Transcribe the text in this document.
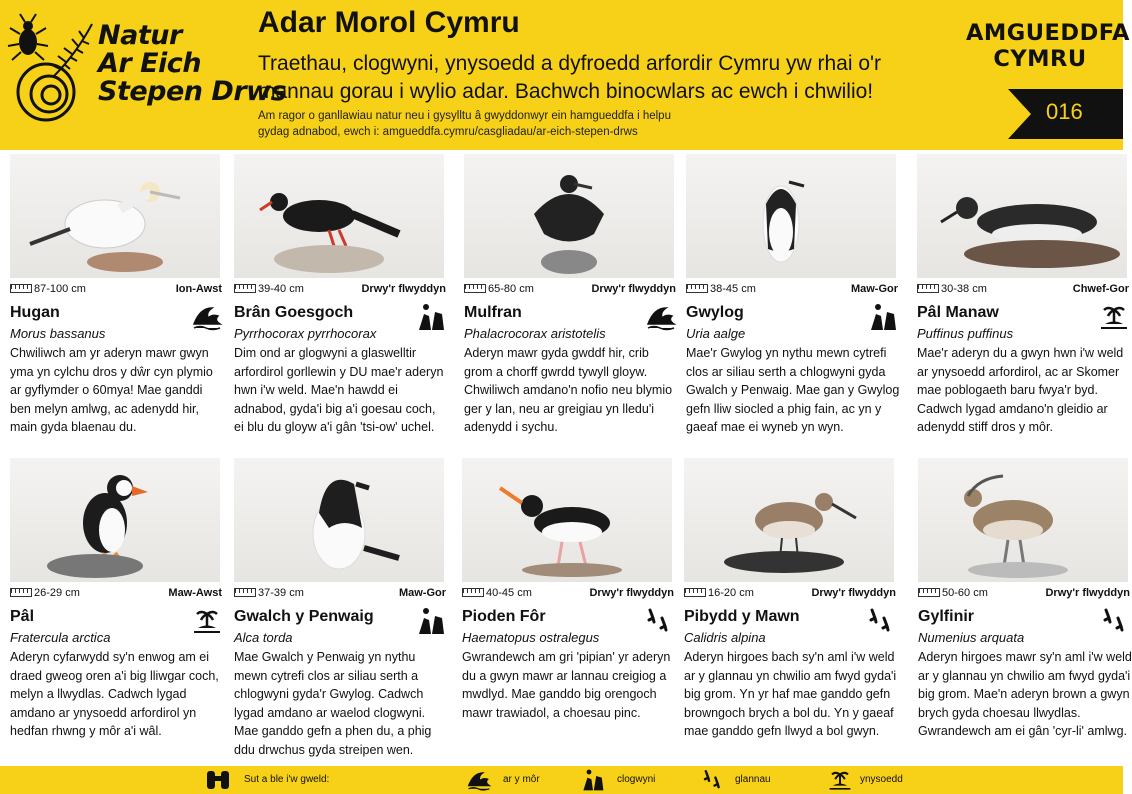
Natur
Ar Eich
Stepen Drws
Adar Morol Cymru
Traethau, clogwyni, ynysoedd a dyfroedd arfordir Cymru yw rhai o'r mannau gorau i wylio adar. Bachwch binocwlars ac ewch i chwilio!
Am ragor o ganllawiau natur neu i gysylltu â gwyddonwyr ein hamgueddfa i helpu
gydag adnabod, ewch i: amgueddfa.cymru/casgliadau/ar-eich-stepen-drws
AMGUEDDFA
CYMRU
016
87-100 cm	Ion-Awst
Hugan
Morus bassanus
Chwiliwch am yr aderyn mawr gwyn yma yn cylchu dros y dŵr cyn plymio ar gyflymder o 60mya! Mae ganddi ben melyn amlwg, ac adenydd hir, main gyda blaenau du.
39-40 cm	Drwy'r flwyddyn
Brân Goesgoch
Pyrrhocorax pyrrhocorax
Dim ond ar glogwyni a glaswelltir arfordirol gorllewin y DU mae'r aderyn hwn i'w weld. Mae'n hawdd ei adnabod, gyda'i big a'i goesau coch, ei blu du gloyw a'i gân 'tsi-ow' uchel.
65-80 cm	Drwy'r flwyddyn
Mulfran
Phalacrocorax aristotelis
Aderyn mawr gyda gwddf hir, crib grom a chorff gwrdd tywyll gloyw. Chwiliwch amdano'n nofio neu blymio ger y lan, neu ar greigiau yn lledu'i adenydd i sychu.
38-45 cm	Maw-Gor
Gwylog
Uria aalge
Mae'r Gwylog yn nythu mewn cytrefi clos ar siliau serth a chlogwyni gyda Gwalch y Penwaig. Mae gan y Gwylog gefn lliw siocled a phig fain, ac yn y gaeaf mae ei wyneb yn wyn.
30-38 cm	Chwef-Gor
Pâl Manaw
Puffinus puffinus
Mae'r aderyn du a gwyn hwn i'w weld ar ynysoedd arfordirol, ac ar Skomer mae poblogaeth baru fwya'r byd. Cadwch lygad amdano'n gleidio ar adenydd stiff dros y môr.
26-29 cm	Maw-Awst
Pâl
Fratercula arctica
Aderyn cyfarwydd sy'n enwog am ei draed gweog oren a'i big lliwgar coch, melyn a llwydlas. Cadwch lygad amdano ar ynysoedd arfordirol yn hedfan rhwng y môr a'i wâl.
37-39 cm	Maw-Gor
Gwalch y Penwaig
Alca torda
Mae Gwalch y Penwaig yn nythu mewn cytrefi clos ar siliau serth a chlogwyni gyda'r Gwylog. Cadwch lygad amdano ar waelod clogwyni. Mae ganddo gefn a phen du, a phig ddu drwchus gyda streipen wen.
40-45 cm	Drwy'r flwyddyn
Pioden Fôr
Haematopus ostralegus
Gwrandewch am gri 'pipian' yr aderyn du a gwyn mawr ar lannau creigiog a mwdlyd. Mae ganddo big orengoch mawr trawiadol, a choesau pinc.
16-20 cm	Drwy'r flwyddyn
Pibydd y Mawn
Calidris alpina
Aderyn hirgoes bach sy'n aml i'w weld ar y glannau yn chwilio am fwyd gyda'i big grom. Yn yr haf mae ganddo gefn browngoch brych a bol du. Yn y gaeaf mae ganddo gefn llwyd a bol gwyn.
50-60 cm	Drwy'r flwyddyn
Gylfinir
Numenius arquata
Aderyn hirgoes mawr sy'n aml i'w weld ar y glannau yn chwilio am fwyd gyda'i big grom. Mae'n aderyn brown a gwyn brych gyda choesau llwydlas. Gwrandewch am ei gân 'cyr-li' amlwg.
Sut a ble i'w gweld:	ar y môr	clogwyni	glannau	ynysoedd
